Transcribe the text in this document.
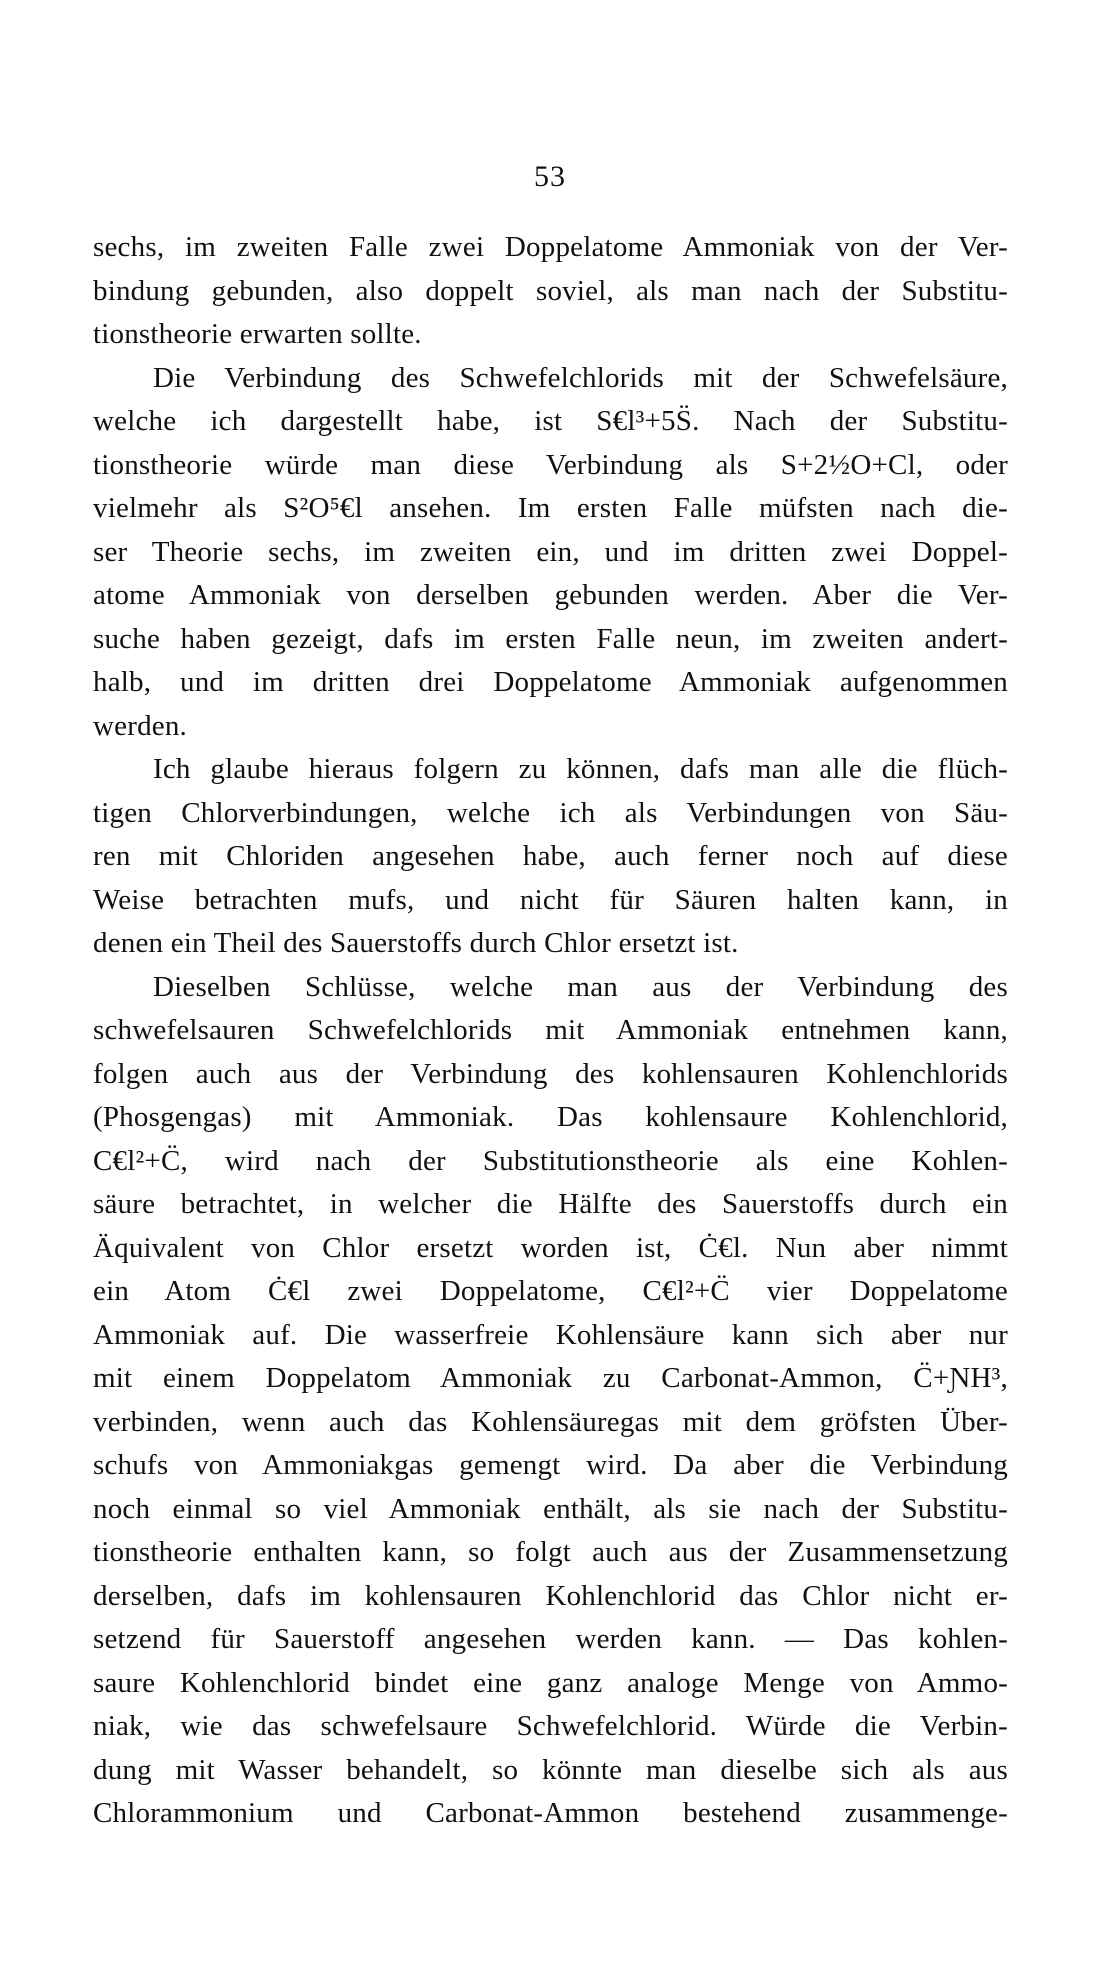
53
sechs, im zweiten Falle zwei Doppelatome Ammoniak von der Ver-
bindung gebunden, also doppelt soviel, als man nach der Substitu-
tionstheorie erwarten sollte.
Die Verbindung des Schwefelchlorids mit der Schwefelsäure,
welche ich dargestellt habe, ist S€l³+5S̈. Nach der Substitu-
tionstheorie würde man diese Verbindung als S+2½O+Cl, oder
vielmehr als S²O⁵€l ansehen. Im ersten Falle müfsten nach die-
ser Theorie sechs, im zweiten ein, und im dritten zwei Doppel-
atome Ammoniak von derselben gebunden werden. Aber die Ver-
suche haben gezeigt, dafs im ersten Falle neun, im zweiten andert-
halb, und im dritten drei Doppelatome Ammoniak aufgenommen
werden.
Ich glaube hieraus folgern zu können, dafs man alle die flüch-
tigen Chlorverbindungen, welche ich als Verbindungen von Säu-
ren mit Chloriden angesehen habe, auch ferner noch auf diese
Weise betrachten mufs, und nicht für Säuren halten kann, in
denen ein Theil des Sauerstoffs durch Chlor ersetzt ist.
Dieselben Schlüsse, welche man aus der Verbindung des
schwefelsauren Schwefelchlorids mit Ammoniak entnehmen kann,
folgen auch aus der Verbindung des kohlensauren Kohlenchlorids
(Phosgengas) mit Ammoniak. Das kohlensaure Kohlenchlorid,
C€l²+C̈, wird nach der Substitutionstheorie als eine Kohlen-
säure betrachtet, in welcher die Hälfte des Sauerstoffs durch ein
Äquivalent von Chlor ersetzt worden ist, Ċ€l. Nun aber nimmt
ein Atom Ċ€l zwei Doppelatome, C€l²+C̈ vier Doppelatome
Ammoniak auf. Die wasserfreie Kohlensäure kann sich aber nur
mit einem Doppelatom Ammoniak zu Carbonat-Ammon, C̈+ƝH³,
verbinden, wenn auch das Kohlensäuregas mit dem gröfsten Über-
schufs von Ammoniakgas gemengt wird. Da aber die Verbindung
noch einmal so viel Ammoniak enthält, als sie nach der Substitu-
tionstheorie enthalten kann, so folgt auch aus der Zusammensetzung
derselben, dafs im kohlensauren Kohlenchlorid das Chlor nicht er-
setzend für Sauerstoff angesehen werden kann. — Das kohlen-
saure Kohlenchlorid bindet eine ganz analoge Menge von Ammo-
niak, wie das schwefelsaure Schwefelchlorid. Würde die Verbin-
dung mit Wasser behandelt, so könnte man dieselbe sich als aus
Chlorammonium und Carbonat-Ammon bestehend zusammenge-
